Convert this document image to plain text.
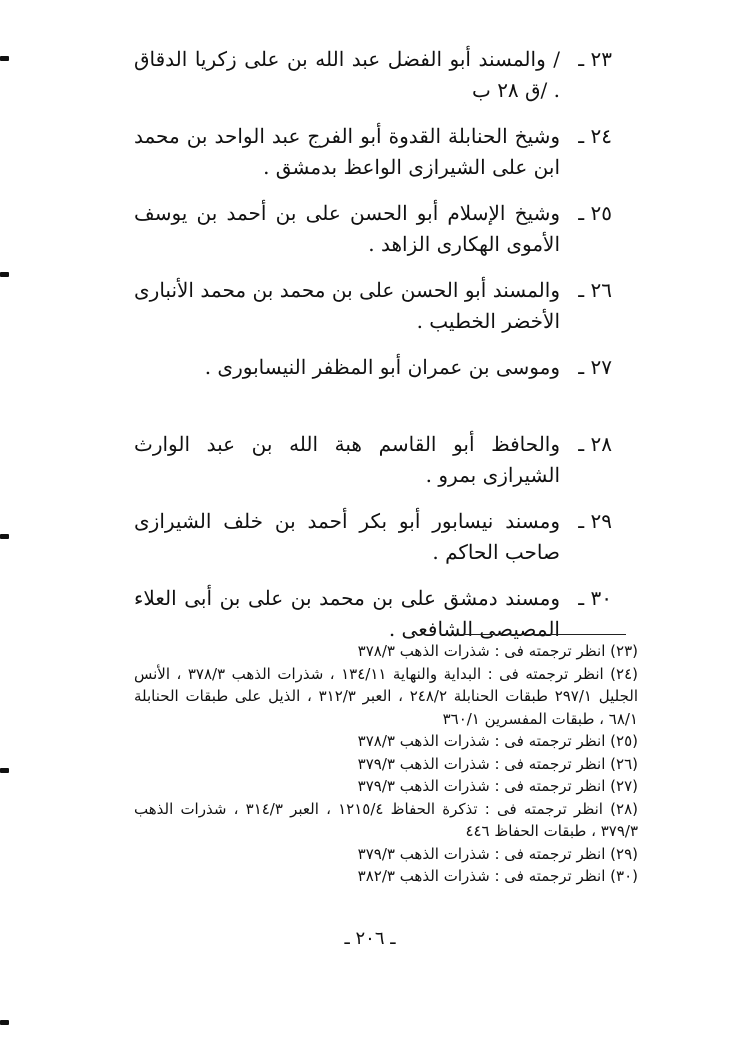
٢٣ ـ
/ والمسند أبو الفضل عبد الله بن على زكريا الدقاق . /ق ٢٨ ب
٢٤ ـ
وشيخ الحنابلة القدوة أبو الفرج عبد الواحد بن محمد ابن على الشيرازى الواعظ بدمشق .
٢٥ ـ
وشيخ الإسلام أبو الحسن على بن أحمد بن يوسف الأموى الهكارى الزاهد .
٢٦ ـ
والمسند أبو الحسن على بن محمد بن محمد الأنبارى الأخضر الخطيب .
٢٧ ـ
وموسى بن عمران أبو المظفر النيسابورى .
٢٨ ـ
والحافظ أبو القاسم هبة الله بن عبد الوارث الشيرازى بمرو .
٢٩ ـ
ومسند نيسابور أبو بكر أحمد بن خلف الشيرازى صاحب الحاكم .
٣٠ ـ
ومسند دمشق على بن محمد بن على بن أبى العلاء المصيصى الشافعى .
(٢٣) انظر ترجمته فى : شذرات الذهب ٣٧٨/٣
(٢٤) انظر ترجمته فى : البداية والنهاية ١٣٤/١١ ، شذرات الذهب ٣٧٨/٣ ، الأنس الجليل ٢٩٧/١ طبقات الحنابلة ٢٤٨/٢ ، العبر ٣١٢/٣ ، الذيل على طبقات الحنابلة ٦٨/١ ، طبقات المفسرين ٣٦٠/١
(٢٥) انظر ترجمته فى : شذرات الذهب ٣٧٨/٣
(٢٦) انظر ترجمته فى : شذرات الذهب ٣٧٩/٣
(٢٧) انظر ترجمته فى : شذرات الذهب ٣٧٩/٣
(٢٨) انظر ترجمته فى : تذكرة الحفاظ ١٢١٥/٤ ، العبر ٣١٤/٣ ، شذرات الذهب ٣٧٩/٣ ، طبقات الحفاظ ٤٤٦
(٢٩) انظر ترجمته فى : شذرات الذهب ٣٧٩/٣
(٣٠) انظر ترجمته فى : شذرات الذهب ٣٨٢/٣
ـ ٢٠٦ ـ
